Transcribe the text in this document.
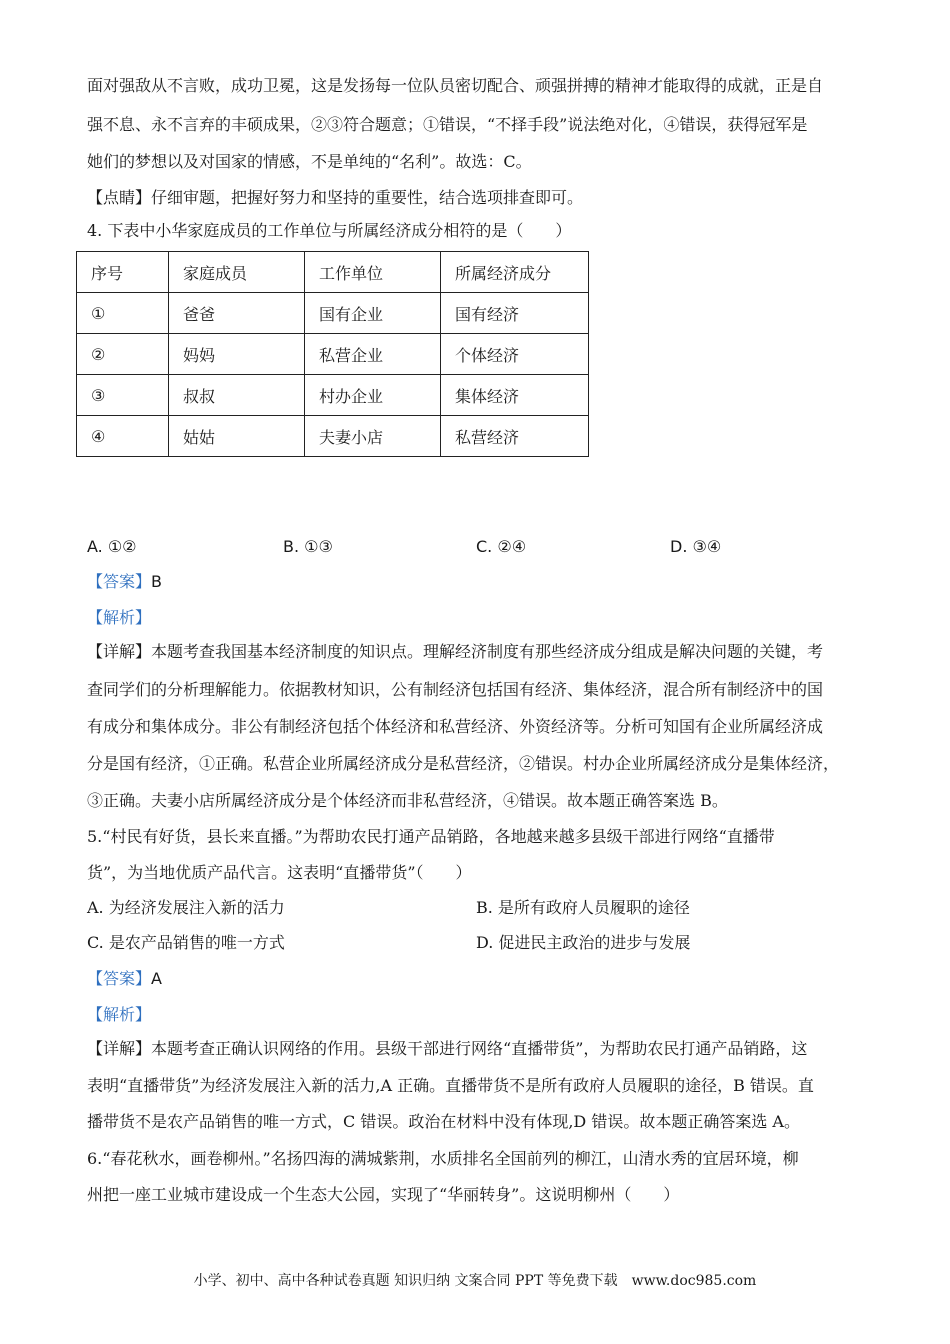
面对强敌从不言败，成功卫冕，这是发扬每一位队员密切配合、顽强拼搏的精神才能取得的成就，正是自
强不息、永不言弃的丰硕成果，②③符合题意；①错误，“不择手段”说法绝对化，④错误，获得冠军是
她们的梦想以及对国家的情感，不是单纯的“名利”。故选：C。
【点睛】仔细审题，把握好努力和坚持的重要性，结合选项排查即可。
4. 下表中小华家庭成员的工作单位与所属经济成分相符的是（　　）
序号	家庭成员	工作单位	所属经济成分
①	爸爸	国有企业	国有经济
②	妈妈	私营企业	个体经济
③	叔叔	村办企业	集体经济
④	姑姑	夫妻小店	私营经济
A. ①②	B. ①③	C. ②④	D. ③④
【答案】B
【解析】
【详解】本题考查我国基本经济制度的知识点。理解经济制度有那些经济成分组成是解决问题的关键，考
查同学们的分析理解能力。依据教材知识，公有制经济包括国有经济、集体经济，混合所有制经济中的国
有成分和集体成分。非公有制经济包括个体经济和私营经济、外资经济等。分析可知国有企业所属经济成
分是国有经济，①正确。私营企业所属经济成分是私营经济，②错误。村办企业所属经济成分是集体经济，
③正确。夫妻小店所属经济成分是个体经济而非私营经济，④错误。故本题正确答案选 B。
5.“村民有好货，县长来直播。”为帮助农民打通产品销路，各地越来越多县级干部进行网络“直播带
货”，为当地优质产品代言。这表明“直播带货”（　　）
A. 为经济发展注入新的活力	B. 是所有政府人员履职的途径
C. 是农产品销售的唯一方式	D. 促进民主政治的进步与发展
【答案】A
【解析】
【详解】本题考查正确认识网络的作用。县级干部进行网络“直播带货”，为帮助农民打通产品销路，这
表明“直播带货”为经济发展注入新的活力,A 正确。直播带货不是所有政府人员履职的途径，B 错误。直
播带货不是农产品销售的唯一方式，C 错误。政治在材料中没有体现,D 错误。故本题正确答案选 A。
6.“春花秋水，画卷柳州。”名扬四海的满城紫荆，水质排名全国前列的柳江，山清水秀的宜居环境，柳
州把一座工业城市建设成一个生态大公园，实现了“华丽转身”。这说明柳州（　　）
小学、初中、高中各种试卷真题 知识归纳 文案合同 PPT 等免费下载　www.doc985.com
